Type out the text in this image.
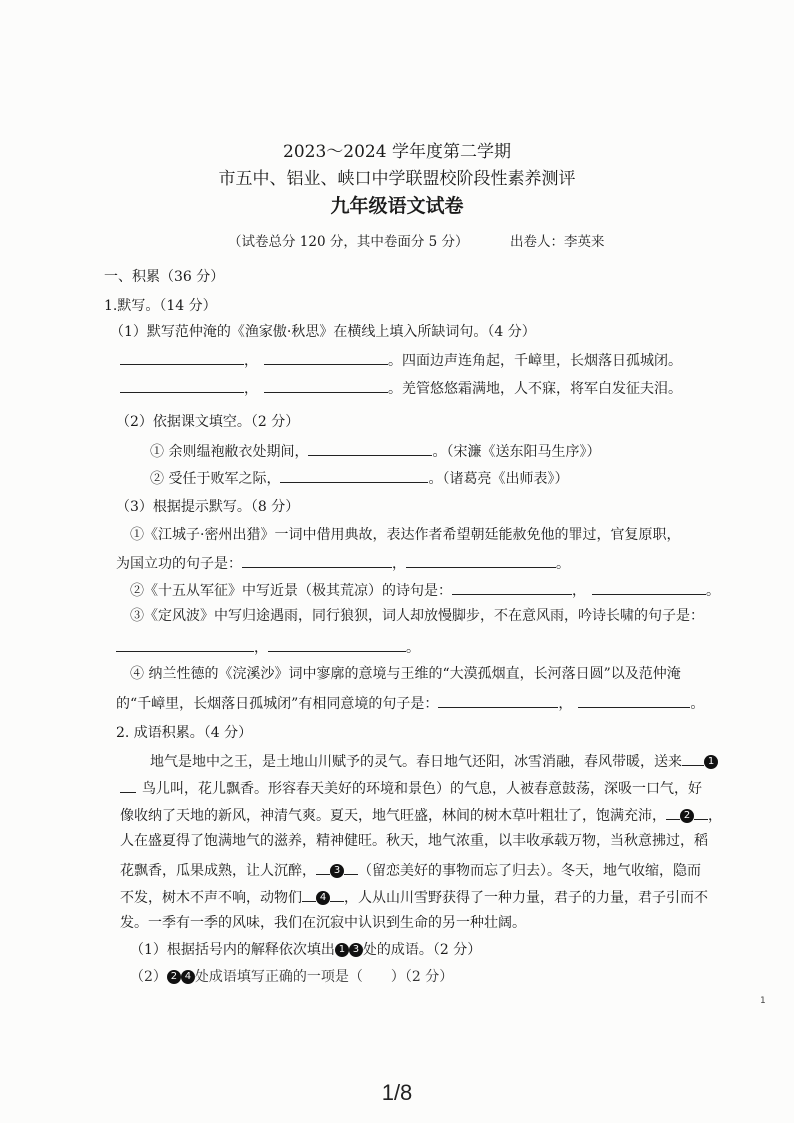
2023～2024 学年度第二学期
市五中、铝业、峡口中学联盟校阶段性素养测评
九年级语文试卷
（试卷总分 120 分，其中卷面分 5 分）	出卷人：李英来
一、积累（36 分）
1.默写。（14 分）
（1）默写范仲淹的《渔家傲·秋思》在横线上填入所缺词句。（4 分）
，	。四面边声连角起，千嶂里，长烟落日孤城闭。
，	。羌管悠悠霜满地，人不寐，将军白发征夫泪。
（2）依据课文填空。（2 分）
① 余则缊袍敝衣处期间，	。（宋濂《送东阳马生序》）
② 受任于败军之际，	。（诸葛亮《出师表》）
（3）根据提示默写。（8 分）
①《江城子·密州出猎》一词中借用典故，表达作者希望朝廷能赦免他的罪过，官复原职，
为国立功的句子是：	，	。
②《十五从军征》中写近景（极其荒凉）的诗句是：	，	。
③《定风波》中写归途遇雨，同行狼狈，词人却放慢脚步，不在意风雨，吟诗长啸的句子是：
，	。
④ 纳兰性德的《浣溪沙》词中寥廓的意境与王维的“大漠孤烟直，长河落日圆”以及范仲淹
的“千嶂里，长烟落日孤城闭”有相同意境的句子是：	，	。
2. 成语积累。（4 分）
地气是地中之王，是土地山川赋予的灵气。春日地气还阳，冰雪消融，春风带暖，送来	1
鸟儿叫，花儿飘香。形容春天美好的环境和景色）的气息，人被春意鼓荡，深吸一口气，好
像收纳了天地的新风，神清气爽。夏天，地气旺盛，林间的树木草叶粗壮了，饱满充沛， 2 ，
人在盛夏得了饱满地气的滋养，精神健旺。秋天，地气浓重，以丰收承载万物，当秋意拂过，稻
花飘香，瓜果成熟，让人沉醉， 3 （留恋美好的事物而忘了归去）。冬天，地气收缩，隐而
不发，树木不声不响，动物们 4 ，人从山川雪野获得了一种力量，君子的力量，君子引而不
发。一季有一季的风味，我们在沉寂中认识到生命的另一种壮阔。
（1）根据括号内的解释依次填出 1 3 处的成语。（2 分）
（2） 2 4 处成语填写正确的一项是（　　）（2 分）
1
1/8
